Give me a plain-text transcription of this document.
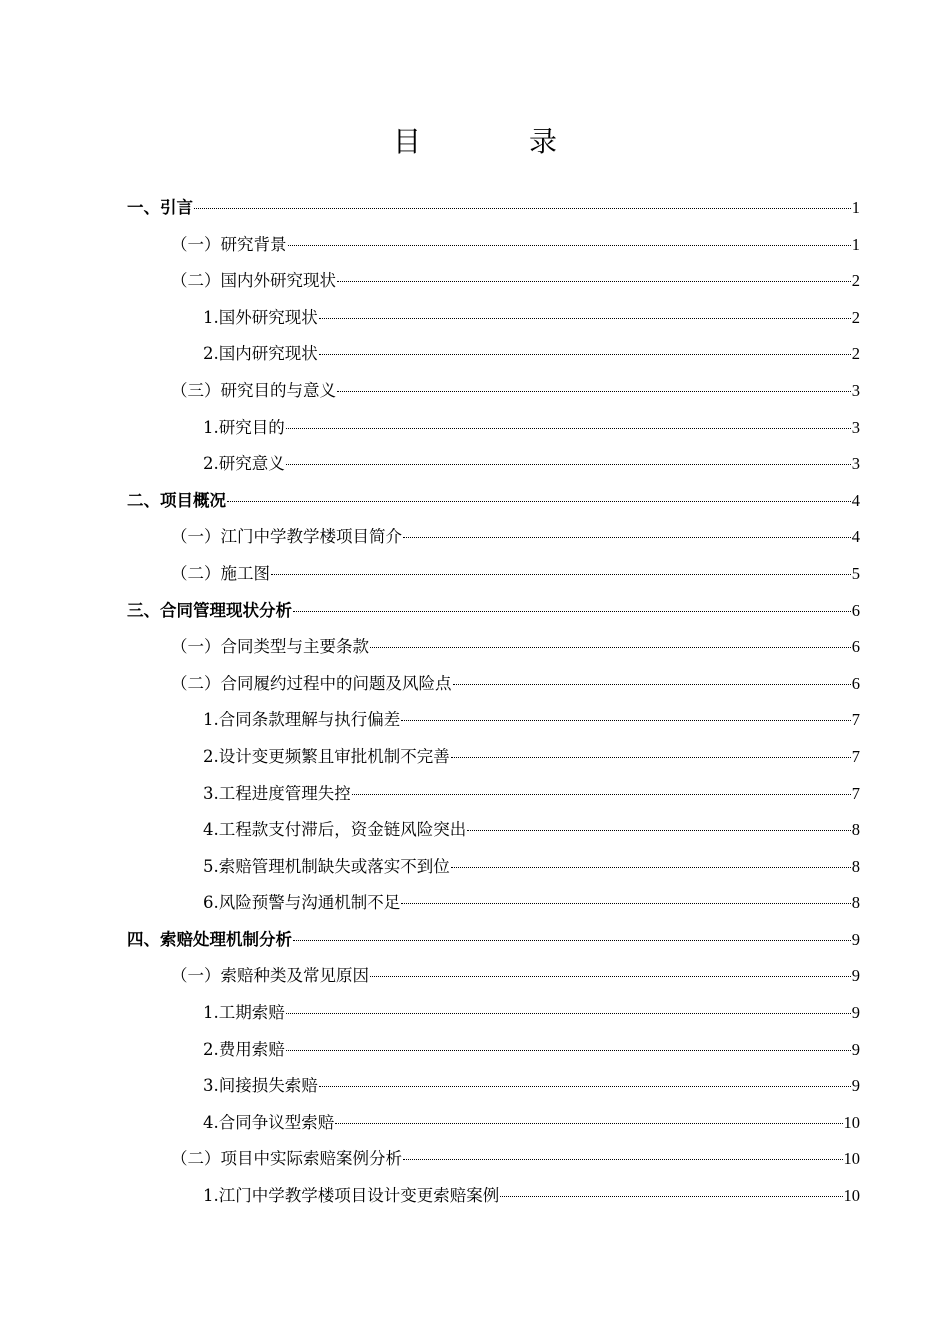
目　录
一、引言	1
（一）研究背景	1
（二）国内外研究现状	2
1.国外研究现状	2
2.国内研究现状	2
（三）研究目的与意义	3
1.研究目的	3
2.研究意义	3
二、项目概况	4
（一）江门中学教学楼项目简介	4
（二）施工图	5
三、合同管理现状分析	6
（一）合同类型与主要条款	6
（二）合同履约过程中的问题及风险点	6
1.合同条款理解与执行偏差	7
2.设计变更频繁且审批机制不完善	7
3.工程进度管理失控	7
4.工程款支付滞后，资金链风险突出	8
5.索赔管理机制缺失或落实不到位	8
6.风险预警与沟通机制不足	8
四、索赔处理机制分析	9
（一）索赔种类及常见原因	9
1.工期索赔	9
2.费用索赔	9
3.间接损失索赔	9
4.合同争议型索赔	10
（二）项目中实际索赔案例分析	10
1.江门中学教学楼项目设计变更索赔案例	10
